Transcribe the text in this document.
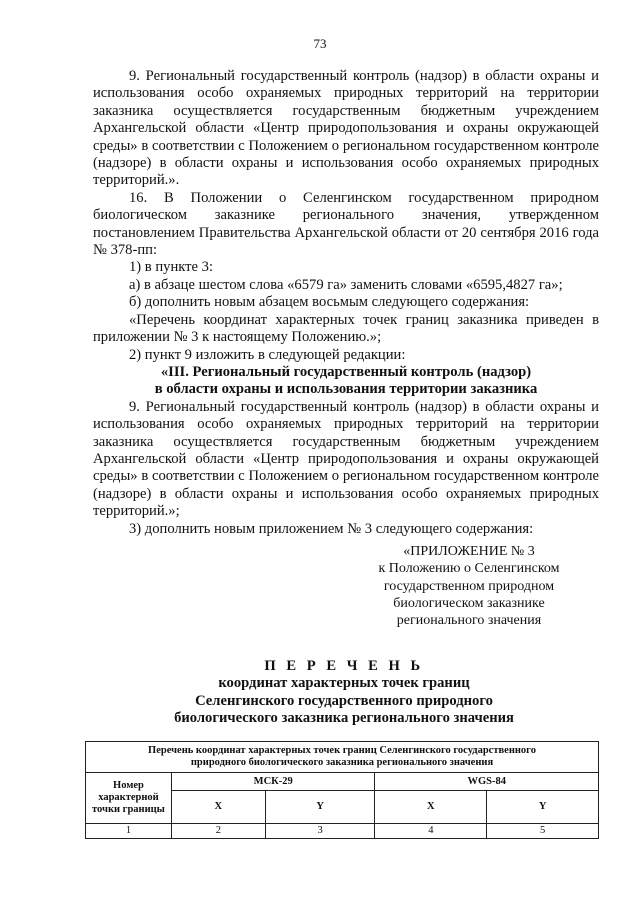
73

9. Региональный государственный контроль (надзор) в области охраны и использования особо охраняемых природных территорий на территории заказника осуществляется государственным бюджетным учреждением Архангельской области «Центр природопользования и охраны окружающей среды» в соответствии с Положением о региональном государственном контроле (надзоре) в области охраны и использования особо охраняемых природных территорий.».

16. В Положении о Селенгинском государственном природном биологическом заказнике регионального значения, утвержденном постановлением Правительства Архангельской области от 20 сентября 2016 года № 378-пп:

1) в пункте 3:

а) в абзаце шестом слова «6579 га» заменить словами «6595,4827 га»;

б) дополнить новым абзацем восьмым следующего содержания:

«Перечень координат характерных точек границ заказника приведен в приложении № 3 к настоящему Положению.»;

2) пункт 9 изложить в следующей редакции:

«III. Региональный государственный контроль (надзор)

в области охраны и использования территории заказника

9. Региональный государственный контроль (надзор) в области охраны и использования особо охраняемых природных территорий на территории заказника осуществляется государственным бюджетным учреждением Архангельской области «Центр природопользования и охраны окружающей среды» в соответствии с Положением о региональном государственном контроле (надзоре) в области охраны и использования особо охраняемых природных территорий.»;

3) дополнить новым приложением № 3 следующего содержания:

«ПРИЛОЖЕНИЕ № 3
к Положению о Селенгинском
государственном природном
биологическом заказнике
регионального значения
П Е Р Е Ч Е Н Ь
координат характерных точек границ
Селенгинского государственного природного
биологического заказника регионального значения
Перечень координат характерных точек границ Селенгинского государственного природного биологического заказника регионального значения				
Номер характерной точки границы	МСК-29		WGS-84	
	X	Y	X	Y
1	2	3	4	5
